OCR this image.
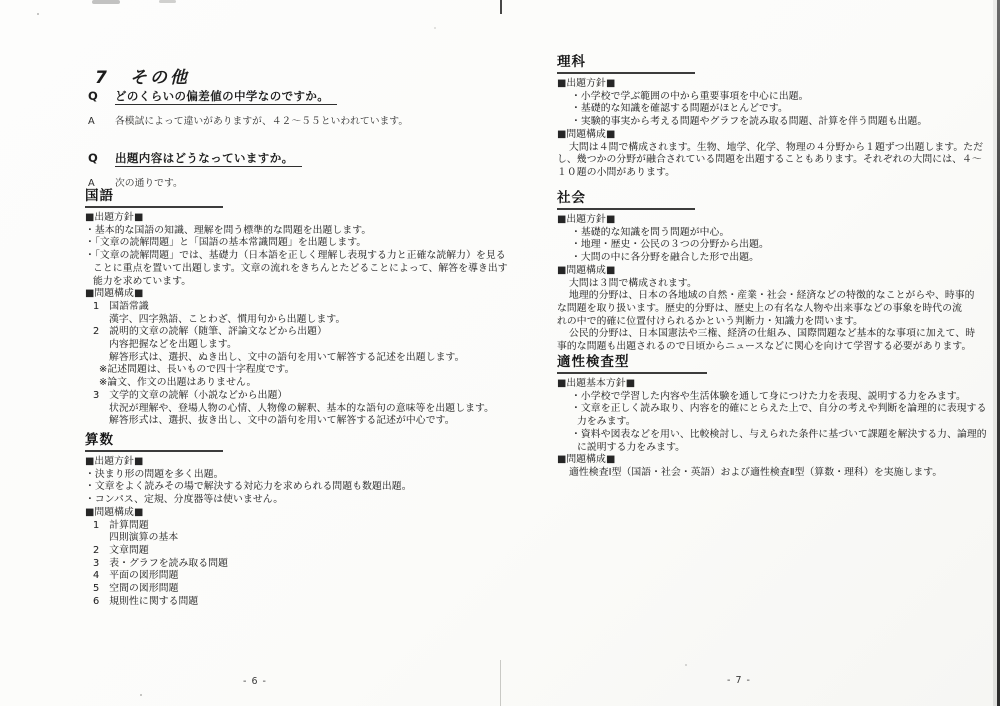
7　その他
Q どのくらいの偏差値の中学なのですか。
A 各模試によって違いがありますが、４２～５５といわれています。
Q 出題内容はどうなっていますか。
A 次の通りです。
国語
■出題方針■
・基本的な国語の知識、理解を問う標準的な問題を出題します。
・「文章の読解問題」と「国語の基本常識問題」を出題します。
・「文章の読解問題」では、基礎力（日本語を正しく理解し表現する力と正確な読解力）を見る
ことに重点を置いて出題します。文章の流れをきちんとたどることによって、解答を導き出す
能力を求めています。
■問題構成■
1　国語常識
漢字、四字熟語、ことわざ、慣用句から出題します。
2　説明的文章の読解（随筆、評論文などから出題）
内容把握などを出題します。
解答形式は、選択、ぬき出し、文中の語句を用いて解答する記述を出題します。
※記述問題は、長いもので四十字程度です。
※論文、作文の出題はありません。
3　文学的文章の読解（小説などから出題）
状況が理解や、登場人物の心情、人物像の解釈、基本的な語句の意味等を出題します。
解答形式は、選択、抜き出し、文中の語句を用いて解答する記述が中心です。
算数
■出題方針■
・決まり形の問題を多く出題。
・文章をよく読みその場で解決する対応力を求められる問題も数題出題。
・コンパス、定規、分度器等は使いません。
■問題構成■
1　計算問題
四則演算の基本
2　文章問題
3　表・グラフを読み取る問題
4　平面の図形問題
5　空間の図形問題
6　規則性に関する問題
- 6 -
理科
■出題方針■
・小学校で学ぶ範囲の中から重要事項を中心に出題。
・基礎的な知識を確認する問題がほとんどです。
・実験的事実から考える問題やグラフを読み取る問題、計算を伴う問題も出題。
■問題構成■
大問は４問で構成されます。生物、地学、化学、物理の４分野から１題ずつ出題します。ただ
し、幾つかの分野が融合されている問題を出題することもあります。それぞれの大問には、４～
１０題の小問があります。
社会
■出題方針■
・基礎的な知識を問う問題が中心。
・地理・歴史・公民の３つの分野から出題。
・大問の中に各分野を融合した形で出題。
■問題構成■
大問は３問で構成されます。
地理的分野は、日本の各地域の自然・産業・社会・経済などの特徴的なことがらや、時事的
な問題を取り扱います。歴史的分野は、歴史上の有名な人物や出来事などの事象を時代の流
れの中で的確に位置付けられるかという判断力・知識力を問います。
公民的分野は、日本国憲法や三権、経済の仕組み、国際問題など基本的な事項に加えて、時
事的な問題も出題されるので日頃からニュースなどに関心を向けて学習する必要があります。
適性検査型
■出題基本方針■
・小学校で学習した内容や生活体験を通して身につけた力を表現、説明する力をみます。
・文章を正しく読み取り、内容を的確にとらえた上で、自分の考えや判断を論理的に表現する
力をみます。
・資料や図表などを用い、比較検討し、与えられた条件に基づいて課題を解決する力、論理的
に説明する力をみます。
■問題構成■
適性検査Ⅰ型（国語・社会・英語）および適性検査Ⅱ型（算数・理科）を実施します。
- 7 -
